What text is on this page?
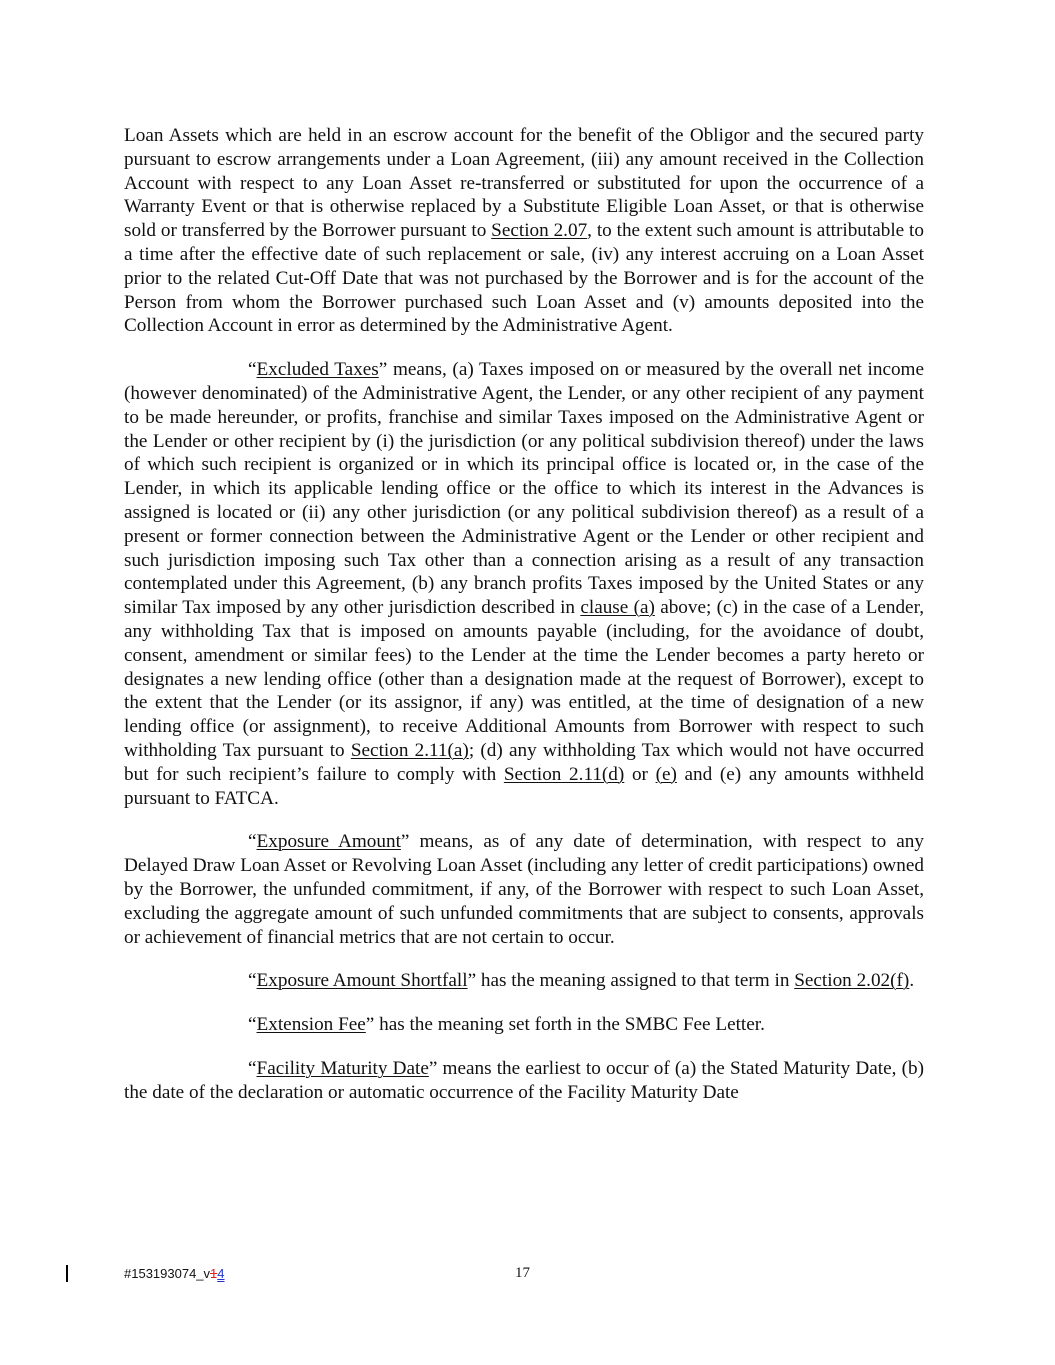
Loan Assets which are held in an escrow account for the benefit of the Obligor and the secured party pursuant to escrow arrangements under a Loan Agreement, (iii) any amount received in the Collection Account with respect to any Loan Asset re-transferred or substituted for upon the occurrence of a Warranty Event or that is otherwise replaced by a Substitute Eligible Loan Asset, or that is otherwise sold or transferred by the Borrower pursuant to Section 2.07, to the extent such amount is attributable to a time after the effective date of such replacement or sale, (iv) any interest accruing on a Loan Asset prior to the related Cut-Off Date that was not purchased by the Borrower and is for the account of the Person from whom the Borrower purchased such Loan Asset and (v) amounts deposited into the Collection Account in error as determined by the Administrative Agent.

“Excluded Taxes” means, (a) Taxes imposed on or measured by the overall net income (however denominated) of the Administrative Agent, the Lender, or any other recipient of any payment to be made hereunder, or profits, franchise and similar Taxes imposed on the Administrative Agent or the Lender or other recipient by (i) the jurisdiction (or any political subdivision thereof) under the laws of which such recipient is organized or in which its principal office is located or, in the case of the Lender, in which its applicable lending office or the office to which its interest in the Advances is assigned is located or (ii) any other jurisdiction (or any political subdivision thereof) as a result of a present or former connection between the Administrative Agent or the Lender or other recipient and such jurisdiction imposing such Tax other than a connection arising as a result of any transaction contemplated under this Agreement, (b) any branch profits Taxes imposed by the United States or any similar Tax imposed by any other jurisdiction described in clause (a) above; (c) in the case of a Lender, any withholding Tax that is imposed on amounts payable (including, for the avoidance of doubt, consent, amendment or similar fees) to the Lender at the time the Lender becomes a party hereto or designates a new lending office (other than a designation made at the request of Borrower), except to the extent that the Lender (or its assignor, if any) was entitled, at the time of designation of a new lending office (or assignment), to receive Additional Amounts from Borrower with respect to such withholding Tax pursuant to Section 2.11(a); (d) any withholding Tax which would not have occurred but for such recipient’s failure to comply with Section 2.11(d) or (e) and (e) any amounts withheld pursuant to FATCA.

“Exposure Amount” means, as of any date of determination, with respect to any Delayed Draw Loan Asset or Revolving Loan Asset (including any letter of credit participations) owned by the Borrower, the unfunded commitment, if any, of the Borrower with respect to such Loan Asset, excluding the aggregate amount of such unfunded commitments that are subject to consents, approvals or achievement of financial metrics that are not certain to occur.

“Exposure Amount Shortfall” has the meaning assigned to that term in Section 2.02(f).

“Extension Fee” has the meaning set forth in the SMBC Fee Letter.

“Facility Maturity Date” means the earliest to occur of (a) the Stated Maturity Date, (b) the date of the declaration or automatic occurrence of the Facility Maturity Date

#153193074_v14	17
